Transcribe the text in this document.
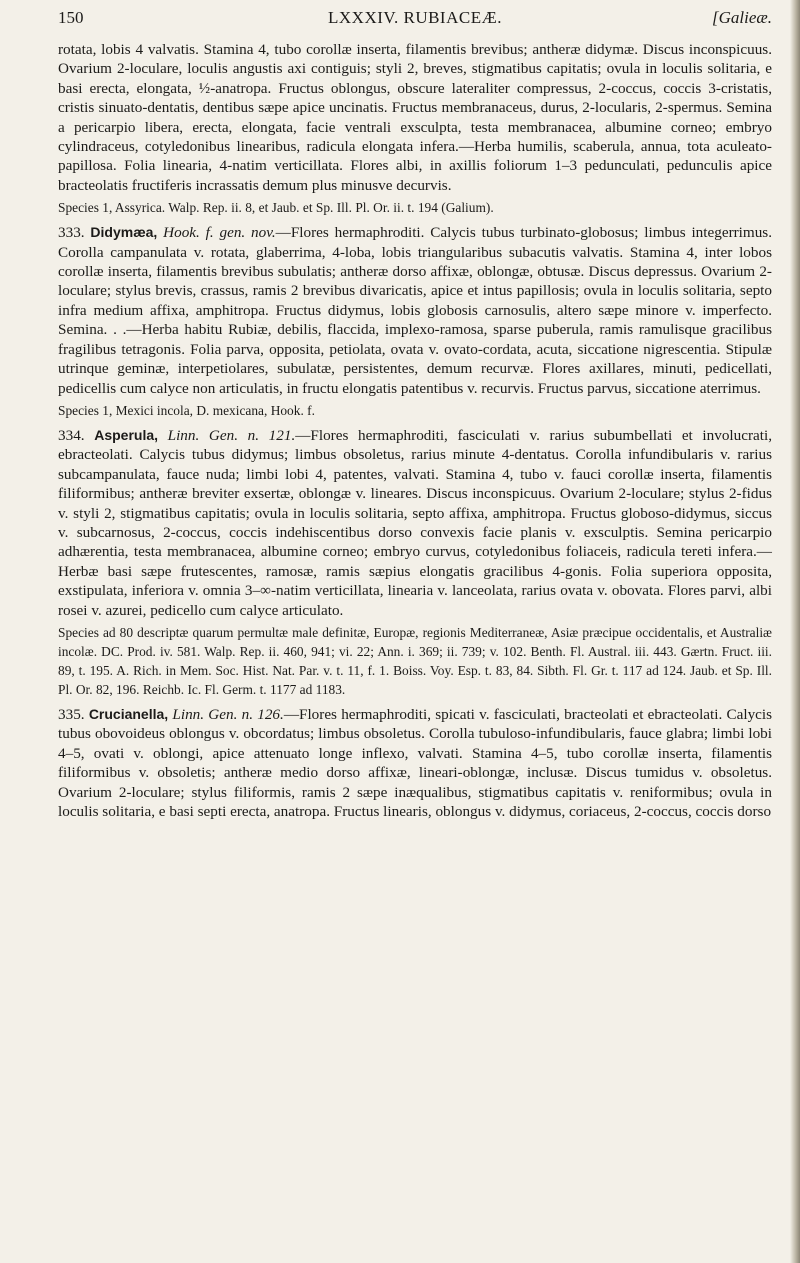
150	LXXXIV. RUBIACEÆ.	[Galieæ.

rotata, lobis 4 valvatis. Stamina 4, tubo corollæ inserta, filamentis brevibus; antheræ didymæ. Discus inconspicuus. Ovarium 2-loculare, loculis angustis axi contiguis; styli 2, breves, stigmatibus capitatis; ovula in loculis solitaria, e basi erecta, elongata, ½-anatropa. Fructus oblongus, obscure lateraliter compressus, 2-coccus, coccis 3-cristatis, cristis sinuato-dentatis, dentibus sæpe apice uncinatis. Fructus membranaceus, durus, 2-locularis, 2-spermus. Semina a pericarpio libera, erecta, elongata, facie ventrali exsculpta, testa membranacea, albumine corneo; embryo cylindraceus, cotyledonibus linearibus, radicula elongata infera.—Herba humilis, scaberula, annua, tota aculeato-papillosa. Folia linearia, 4-natim verticillata. Flores albi, in axillis foliorum 1–3 pedunculati, pedunculis apice bracteolatis fructiferis incrassatis demum plus minusve decurvis.

Species 1, Assyrica. Walp. Rep. ii. 8, et Jaub. et Sp. Ill. Pl. Or. ii. t. 194 (Galium).

333. Didymæa, Hook. f. gen. nov.—Flores hermaphroditi. Calycis tubus turbinato-globosus; limbus integerrimus. Corolla campanulata v. rotata, glaberrima, 4-loba, lobis triangularibus subacutis valvatis. Stamina 4, inter lobos corollæ inserta, filamentis brevibus subulatis; antheræ dorso affixæ, oblongæ, obtusæ. Discus depressus. Ovarium 2-loculare; stylus brevis, crassus, ramis 2 brevibus divaricatis, apice et intus papillosis; ovula in loculis solitaria, septo infra medium affixa, amphitropa. Fructus didymus, lobis globosis carnosulis, altero sæpe minore v. imperfecto. Semina. . .—Herba habitu Rubiæ, debilis, flaccida, implexo-ramosa, sparse puberula, ramis ramulisque gracilibus fragilibus tetragonis. Folia parva, opposita, petiolata, ovata v. ovato-cordata, acuta, siccatione nigrescentia. Stipulæ utrinque geminæ, interpetiolares, subulatæ, persistentes, demum recurvæ. Flores axillares, minuti, pedicellati, pedicellis cum calyce non articulatis, in fructu elongatis patentibus v. recurvis. Fructus parvus, siccatione aterrimus.

Species 1, Mexici incola, D. mexicana, Hook. f.

334. Asperula, Linn. Gen. n. 121.—Flores hermaphroditi, fasciculati v. rarius subumbellati et involucrati, ebracteolati. Calycis tubus didymus; limbus obsoletus, rarius minute 4-dentatus. Corolla infundibularis v. rarius subcampanulata, fauce nuda; limbi lobi 4, patentes, valvati. Stamina 4, tubo v. fauci corollæ inserta, filamentis filiformibus; antheræ breviter exsertæ, oblongæ v. lineares. Discus inconspicuus. Ovarium 2-loculare; stylus 2-fidus v. styli 2, stigmatibus capitatis; ovula in loculis solitaria, septo affixa, amphitropa. Fructus globoso-didymus, siccus v. subcarnosus, 2-coccus, coccis indehiscentibus dorso convexis facie planis v. exsculptis. Semina pericarpio adhærentia, testa membranacea, albumine corneo; embryo curvus, cotyledonibus foliaceis, radicula tereti infera.—Herbæ basi sæpe frutescentes, ramosæ, ramis sæpius elongatis gracilibus 4-gonis. Folia superiora opposita, exstipulata, inferiora v. omnia 3–∞-natim verticillata, linearia v. lanceolata, rarius ovata v. obovata. Flores parvi, albi rosei v. azurei, pedicello cum calyce articulato.

Species ad 80 descriptæ quarum permultæ male definitæ, Europæ, regionis Mediterraneæ, Asiæ præcipue occidentalis, et Australiæ incolæ. DC. Prod. iv. 581. Walp. Rep. ii. 460, 941; vi. 22; Ann. i. 369; ii. 739; v. 102. Benth. Fl. Austral. iii. 443. Gærtn. Fruct. iii. 89, t. 195. A. Rich. in Mem. Soc. Hist. Nat. Par. v. t. 11, f. 1. Boiss. Voy. Esp. t. 83, 84. Sibth. Fl. Gr. t. 117 ad 124. Jaub. et Sp. Ill. Pl. Or. 82, 196. Reichb. Ic. Fl. Germ. t. 1177 ad 1183.

335. Crucianella, Linn. Gen. n. 126.—Flores hermaphroditi, spicati v. fasciculati, bracteolati et ebracteolati. Calycis tubus obovoideus oblongus v. obcordatus; limbus obsoletus. Corolla tubuloso-infundibularis, fauce glabra; limbi lobi 4–5, ovati v. oblongi, apice attenuato longe inflexo, valvati. Stamina 4–5, tubo corollæ inserta, filamentis filiformibus v. obsoletis; antheræ medio dorso affixæ, lineari-oblongæ, inclusæ. Discus tumidus v. obsoletus. Ovarium 2-loculare; stylus filiformis, ramis 2 sæpe inæqualibus, stigmatibus capitatis v. reniformibus; ovula in loculis solitaria, e basi septi erecta, anatropa. Fructus linearis, oblongus v. didymus, coriaceus, 2-coccus, coccis dorso
